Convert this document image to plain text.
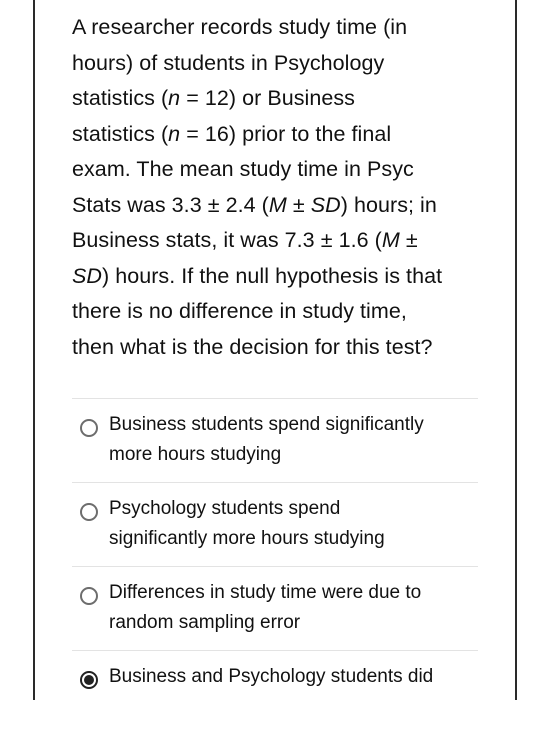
A researcher records study time (in

hours) of students in Psychology

statistics (n = 12) or Business

statistics (n = 16) prior to the final

exam. The mean study time in Psyc

Stats was 3.3 ± 2.4 (M ± SD) hours; in

Business stats, it was 7.3 ± 1.6 (M ±

SD) hours. If the null hypothesis is that

there is no difference in study time,

then what is the decision for this test?

Business students spend significantly
more hours studying
Psychology students spend
significantly more hours studying
Differences in study time were due to
random sampling error
Business and Psychology students did
